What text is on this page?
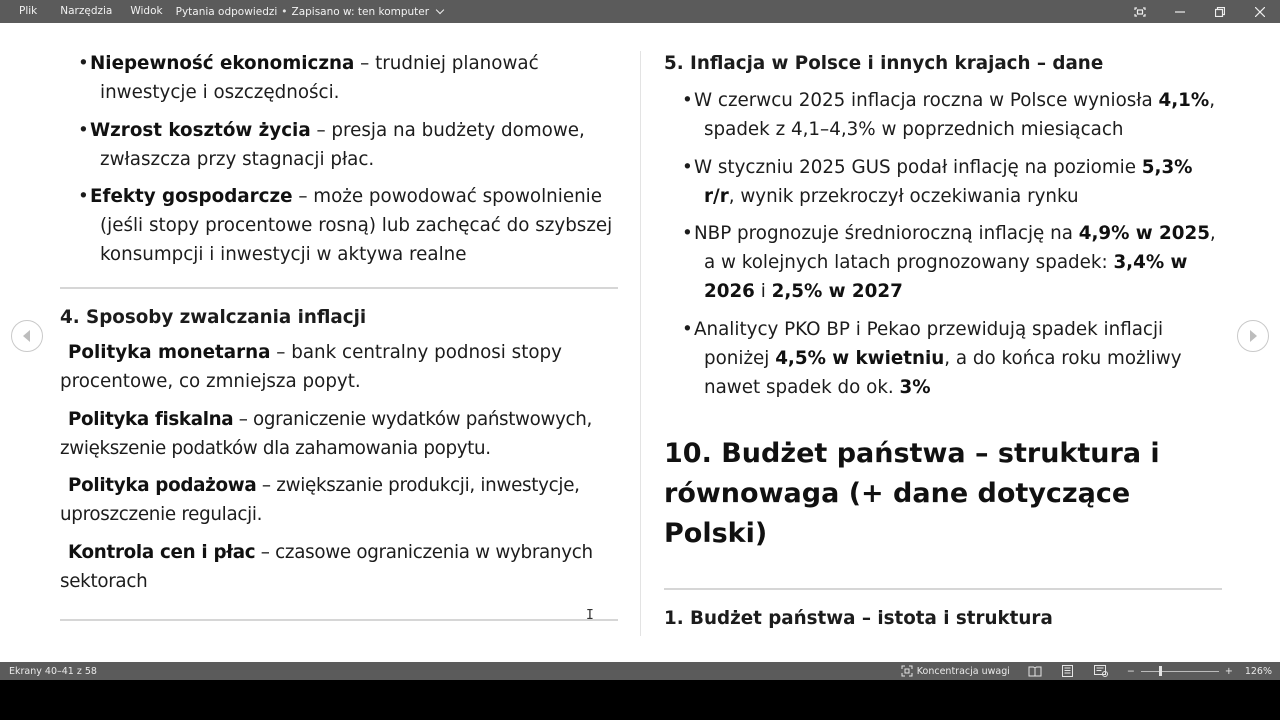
Plik	Narzędzia	Widok	Pytania odpowiedzi • Zapisano w: ten komputer
• Niepewność ekonomiczna – trudniej planować inwestycje i oszczędności.
• Wzrost kosztów życia – presja na budżety domowe, zwłaszcza przy stagnacji płac.
• Efekty gospodarcze – może powodować spowolnienie (jeśli stopy procentowe rosną) lub zachęcać do szybszej konsumpcji i inwestycji w aktywa realne
4. Sposoby zwalczania inflacji
Polityka monetarna – bank centralny podnosi stopy procentowe, co zmniejsza popyt.
Polityka fiskalna – ograniczenie wydatków państwowych, zwiększenie podatków dla zahamowania popytu.
Polityka podażowa – zwiększanie produkcji, inwestycje, uproszczenie regulacji.
Kontrola cen i płac – czasowe ograniczenia w wybranych sektorach
5. Inflacja w Polsce i innych krajach – dane
• W czerwcu 2025 inflacja roczna w Polsce wyniosła 4,1%, spadek z 4,1–4,3% w poprzednich miesiącach
• W styczniu 2025 GUS podał inflację na poziomie 5,3% r/r, wynik przekroczył oczekiwania rynku
• NBP prognozuje średnioroczną inflację na 4,9% w 2025, a w kolejnych latach prognozowany spadek: 3,4% w 2026 i 2,5% w 2027
• Analitycy PKO BP i Pekao przewidują spadek inflacji poniżej 4,5% w kwietniu, a do końca roku możliwy nawet spadek do ok. 3%
10. Budżet państwa – struktura i równowaga (+ dane dotyczące Polski)
1. Budżet państwa – istota i struktura
I
Ekrany 40–41 z 58	Koncentracja uwagi	−	+ 126%
